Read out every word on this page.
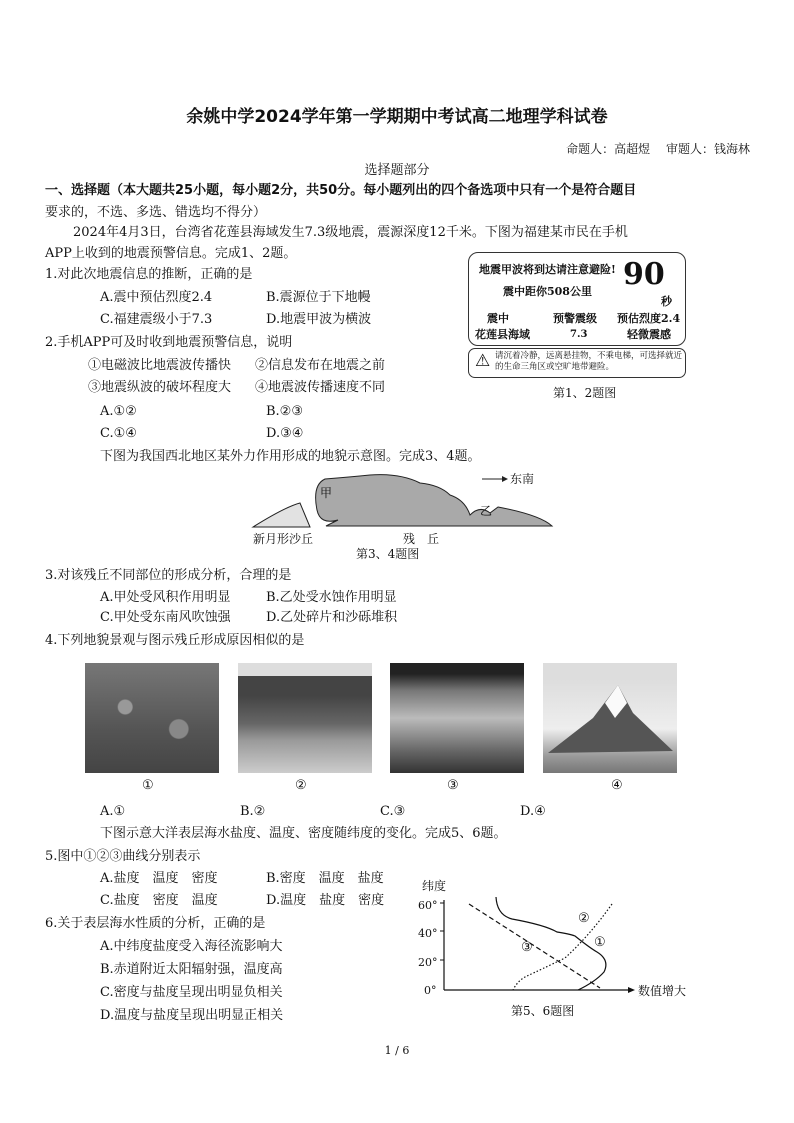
余姚中学2024学年第一学期期中考试高二地理学科试卷
命题人：高超煜　 审题人：钱海林
选择题部分
一、选择题（本大题共25小题，每小题2分，共50分。每小题列出的四个备选项中只有一个是符合题目
要求的，不选、多选、错选均不得分）
2024年4月3日，台湾省花莲县海域发生7.3级地震，震源深度12千米。下图为福建某市民在手机
APP上收到的地震预警信息。完成1、2题。
地震甲波将到达请注意避险! 90
震中距你508公里
秒
震中
花莲县海域
预警震级
7.3
预估烈度2.4
轻微震感
⚠ 请沉着冷静，远离悬挂物，不乘电梯，可选择就近
的生命三角区或空旷地带避险。
第1、2题图
1.对此次地震信息的推断，正确的是
A.震中预估烈度2.4	B.震源位于下地幔
C.福建震级小于7.3	D.地震甲波为横波
2.手机APP可及时收到地震预警信息，说明
①电磁波比地震波传播快 ②信息发布在地震之前
③地震纵波的破坏程度大 ④地震波传播速度不同
A.①②	B.②③
C.①④	D.③④
下图为我国西北地区某外力作用形成的地貌示意图。完成3、4题。
东南
甲
乙
新月形沙丘	残　丘
第3、4题图
3.对该残丘不同部位的形成分析，合理的是
A.甲处受风积作用明显	B.乙处受水蚀作用明显
C.甲处受东南风吹蚀强	D.乙处碎片和沙砾堆积
4.下列地貌景观与图示残丘形成原因相似的是
①	②	③	④
A.①	B.②	C.③	D.④
下图示意大洋表层海水盐度、温度、密度随纬度的变化。完成5、6题。
5.图中①②③曲线分别表示
A.盐度　温度　密度	B.密度　温度　盐度
C.盐度　密度　温度	D.温度　盐度　密度
6.关于表层海水性质的分析，正确的是
A.中纬度盐度受入海径流影响大
B.赤道附近太阳辐射强，温度高
C.密度与盐度呈现出明显负相关
D.温度与盐度呈现出明显正相关
纬度
60°
40°
20°
0°	数值增大
①
②
③
第5、6题图
1 / 6
